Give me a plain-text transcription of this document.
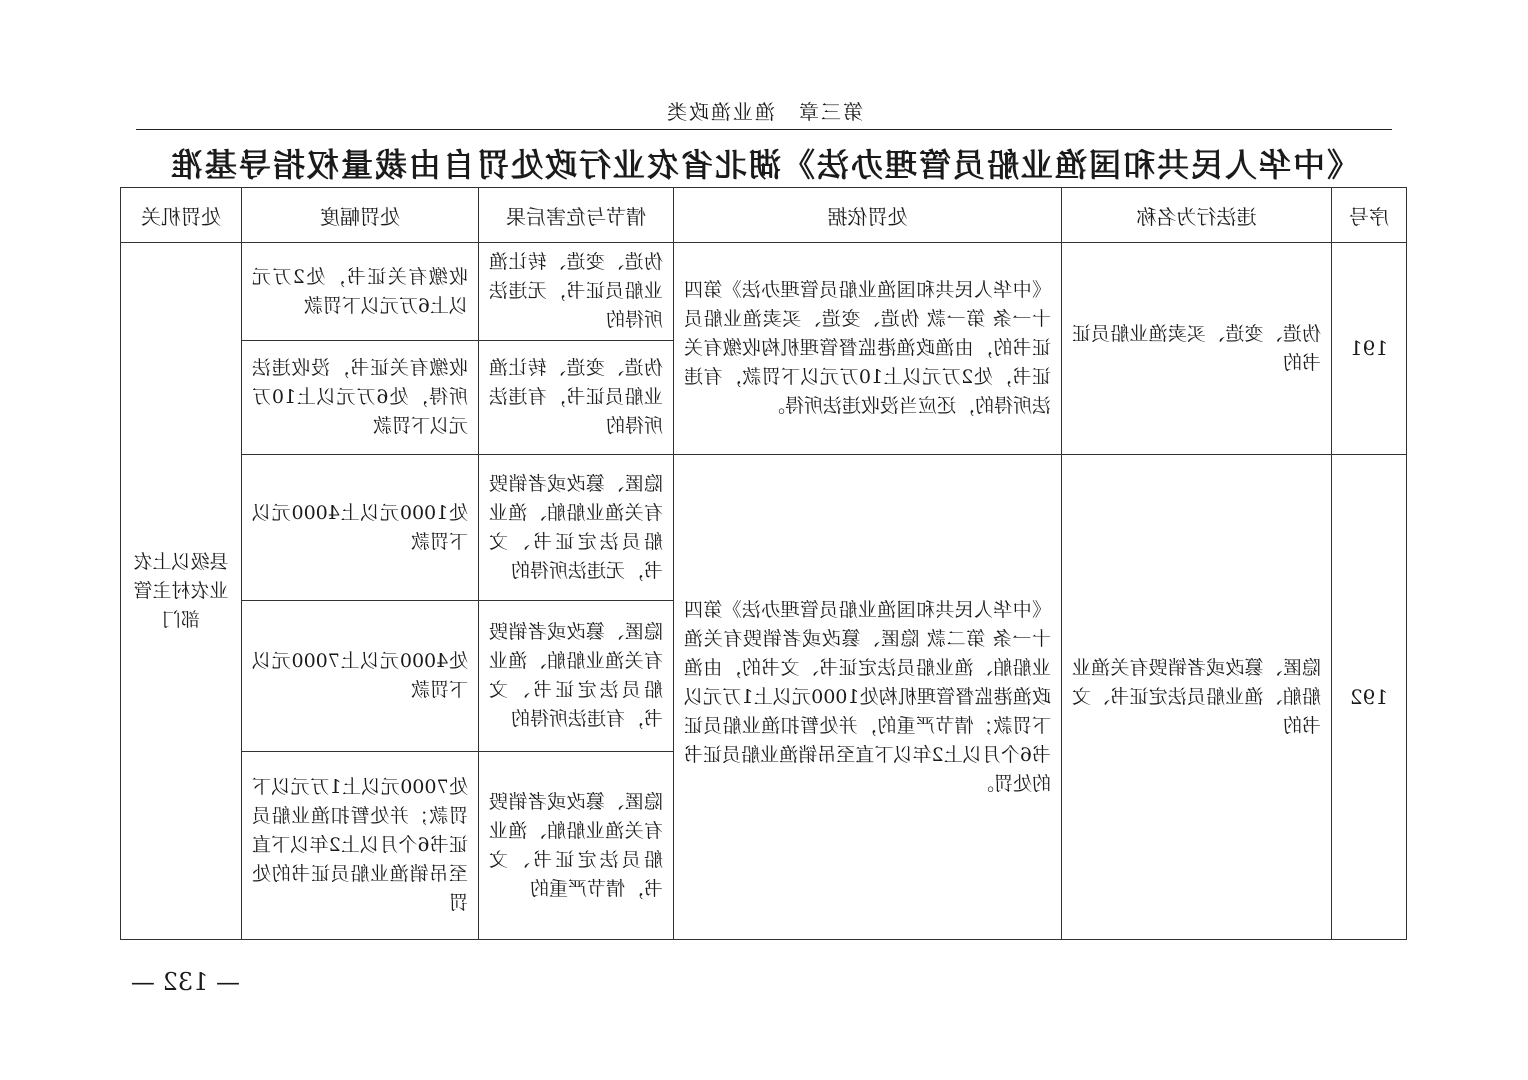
第三章　渔业渔政类
《中华人民共和国渔业船员管理办法》湖北省农业行政处罚自由裁量权指导基准
序号	违法行为名称	处罚依据	情节与危害后果	处罚幅度	处罚机关
191	伪造、变造、买卖渔业船员证书的	《中华人民共和国渔业船员管理办法》第四十一条 第一款 伪造、变造、买卖渔业船员证书的，由渔政渔港监督管理机构收缴有关证书，处2万元以上10万元以下罚款，有违法所得的，还应当没收违法所得。	伪造、变造、转让渔业船员证书，无违法所得的	收缴有关证书，处2万元以上6万元以下罚款	县级以上农业农村主管部门
			伪造、变造、转让渔业船员证书，有违法所得的	收缴有关证书，没收违法所得，处6万元以上10万元以下罚款	
192	隐匿、篡改或者销毁有关渔业船舶、渔业船员法定证书、文书的	《中华人民共和国渔业船员管理办法》第四十一条 第二款 隐匿、篡改或者销毁有关渔业船舶、渔业船员法定证书、文书的，由渔政渔港监督管理机构处1000元以上1万元以下罚款；情节严重的，并处暂扣渔业船员证书6个月以上2年以下直至吊销渔业船员证书的处罚。	隐匿、篡改或者销毁有关渔业船舶、渔业船员法定证书、文书，无违法所得的	处1000元以上4000元以下罚款	
			隐匿、篡改或者销毁有关渔业船舶、渔业船员法定证书、文书，有违法所得的	处4000元以上7000元以下罚款	
			隐匿、篡改或者销毁有关渔业船舶、渔业船员法定证书、文书，情节严重的	处7000元以上1万元以下罚款；并处暂扣渔业船员证书6个月以上2年以下直至吊销渔业船员证书的处罚	
— 132 —
